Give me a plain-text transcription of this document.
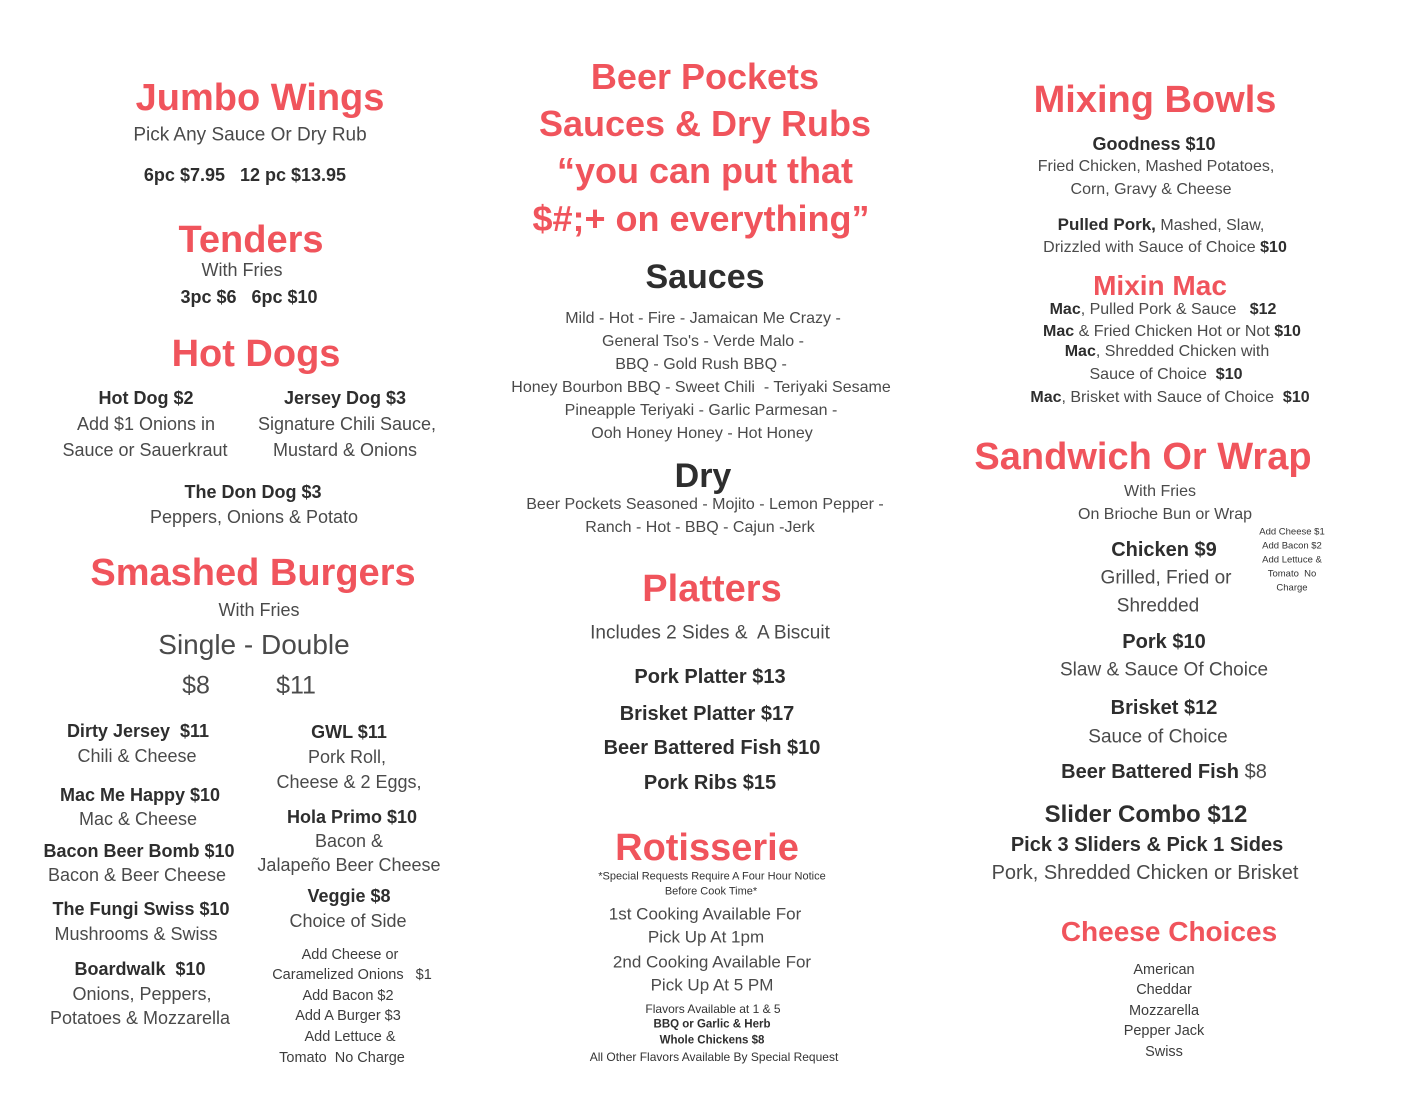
Jumbo Wings
Pick Any Sauce Or Dry Rub
6pc $7.95   12 pc $13.95
Tenders
With Fries
3pc $6   6pc $10
Hot Dogs
Hot Dog $2
Add $1 Onions in
Sauce or Sauerkraut
Jersey Dog $3
Signature Chili Sauce,
Mustard & Onions
The Don Dog $3
Peppers, Onions & Potato
Smashed Burgers
With Fries
Single - Double
$8	$11
Dirty Jersey  $11
Chili & Cheese
Mac Me Happy $10
Mac & Cheese
Bacon Beer Bomb $10
Bacon & Beer Cheese
The Fungi Swiss $10
Mushrooms & Swiss
Boardwalk  $10
Onions, Peppers,
Potatoes & Mozzarella
GWL $11
Pork Roll,
Cheese & 2 Eggs,
Hola Primo $10
Bacon &
Jalapeño Beer Cheese
Veggie $8
Choice of Side
Add Cheese or
Caramelized Onions   $1
Add Bacon $2
Add A Burger $3
Add Lettuce &
Tomato  No Charge
Beer Pockets
Sauces & Dry Rubs
“you can put that
$#;+ on everything”
Sauces
Mild - Hot - Fire - Jamaican Me Crazy -
General Tso's - Verde Malo -
BBQ - Gold Rush BBQ -
Honey Bourbon BBQ - Sweet Chili  - Teriyaki Sesame
Pineapple Teriyaki - Garlic Parmesan -
Ooh Honey Honey - Hot Honey
Dry
Beer Pockets Seasoned - Mojito - Lemon Pepper -
Ranch - Hot - BBQ - Cajun -Jerk
Platters
Includes 2 Sides &  A Biscuit
Pork Platter $13
Brisket Platter $17
Beer Battered Fish $10
Pork Ribs $15
Rotisserie
*Special Requests Require A Four Hour Notice
Before Cook Time*
1st Cooking Available For
Pick Up At 1pm
2nd Cooking Available For
Pick Up At 5 PM
Flavors Available at 1 & 5
BBQ or Garlic & Herb
Whole Chickens $8
All Other Flavors Available By Special Request
Mixing Bowls
Goodness $10
Fried Chicken, Mashed Potatoes,
Corn, Gravy & Cheese
Pulled Pork, Mashed, Slaw,
Drizzled with Sauce of Choice $10
Mixin Mac
Mac, Pulled Pork & Sauce   $12
Mac & Fried Chicken Hot or Not $10
Mac, Shredded Chicken with
Sauce of Choice  $10
Mac, Brisket with Sauce of Choice  $10
Sandwich Or Wrap
With Fries
On Brioche Bun or Wrap
Add Cheese $1
Add Bacon $2
Add Lettuce &
Tomato  No
Charge
Chicken $9
Grilled, Fried or
Shredded
Pork $10
Slaw & Sauce Of Choice
Brisket $12
Sauce of Choice
Beer Battered Fish $8
Slider Combo $12
Pick 3 Sliders & Pick 1 Sides
Pork, Shredded Chicken or Brisket
Cheese Choices
American
Cheddar
Mozzarella
Pepper Jack
Swiss
